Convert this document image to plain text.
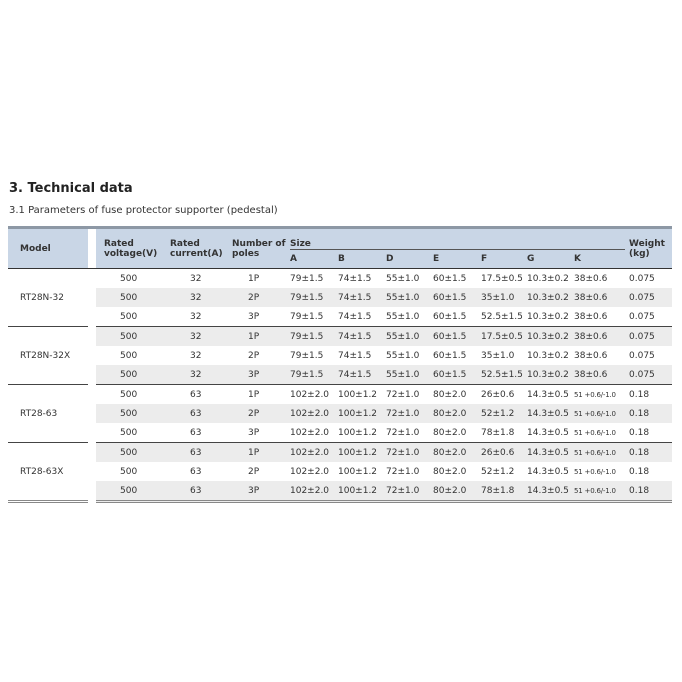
3. Technical data
3.1 Parameters of fuse protector supporter (pedestal)
Model		Rated voltage(V)	Rated current(A)	Number of poles	Size							Weight (kg)
					A	B	D	E	F	G	K	
RT28N-32		500	32	1P	79±1.5	74±1.5	55±1.0	60±1.5	17.5±0.5	10.3±0.2	38±0.6	0.075
		500	32	2P	79±1.5	74±1.5	55±1.0	60±1.5	35±1.0	10.3±0.2	38±0.6	0.075
		500	32	3P	79±1.5	74±1.5	55±1.0	60±1.5	52.5±1.5	10.3±0.2	38±0.6	0.075
RT28N-32X		500	32	1P	79±1.5	74±1.5	55±1.0	60±1.5	17.5±0.5	10.3±0.2	38±0.6	0.075
		500	32	2P	79±1.5	74±1.5	55±1.0	60±1.5	35±1.0	10.3±0.2	38±0.6	0.075
		500	32	3P	79±1.5	74±1.5	55±1.0	60±1.5	52.5±1.5	10.3±0.2	38±0.6	0.075
RT28-63		500	63	1P	102±2.0	100±1.2	72±1.0	80±2.0	26±0.6	14.3±0.5	51 +0.6/-1.0	0.18
		500	63	2P	102±2.0	100±1.2	72±1.0	80±2.0	52±1.2	14.3±0.5	51 +0.6/-1.0	0.18
		500	63	3P	102±2.0	100±1.2	72±1.0	80±2.0	78±1.8	14.3±0.5	51 +0.6/-1.0	0.18
RT28-63X		500	63	1P	102±2.0	100±1.2	72±1.0	80±2.0	26±0.6	14.3±0.5	51 +0.6/-1.0	0.18
		500	63	2P	102±2.0	100±1.2	72±1.0	80±2.0	52±1.2	14.3±0.5	51 +0.6/-1.0	0.18
		500	63	3P	102±2.0	100±1.2	72±1.0	80±2.0	78±1.8	14.3±0.5	51 +0.6/-1.0	0.18
